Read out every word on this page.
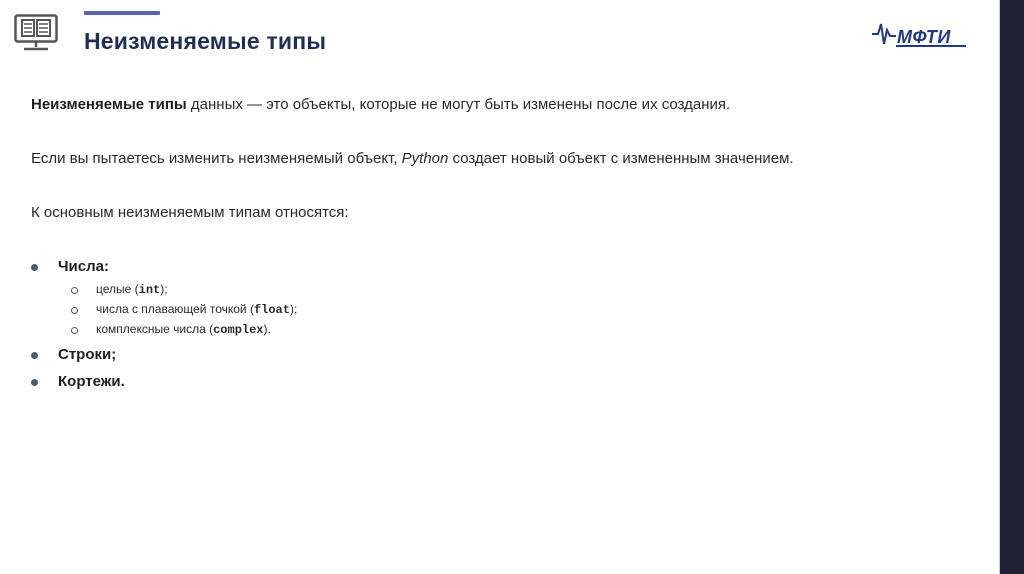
Неизменяемые типы	МФТИ
Неизменяемые типы данных — это объекты, которые не могут быть изменены после их создания.
Если вы пытаетесь изменить неизменяемый объект, Python создает новый объект с измененным значением.
К основным неизменяемым типам относятся:
Числа:
целые (int);
числа с плавающей точкой (float);
комплексные числа (complex).
Строки;
Кортежи.
